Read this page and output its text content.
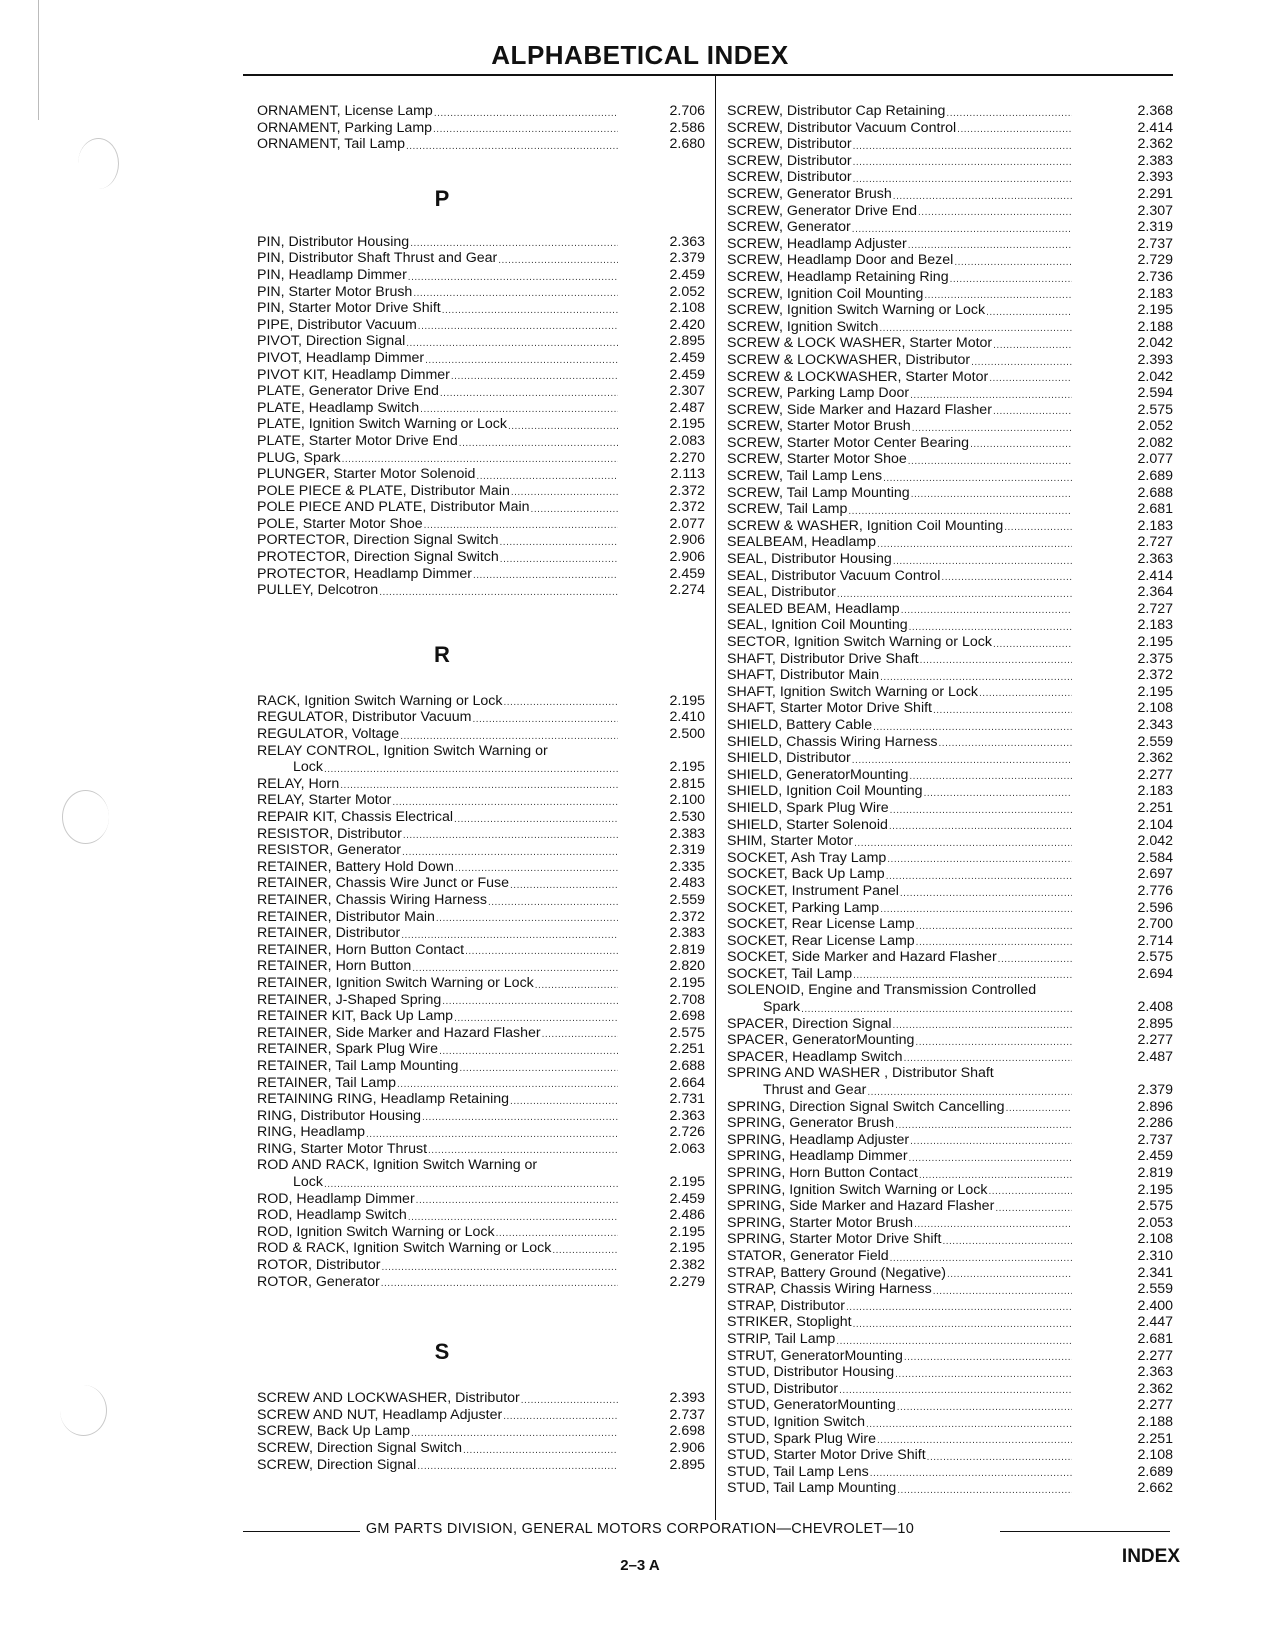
ALPHABETICAL INDEX
ORNAMENT, License Lamp .....	2.706
ORNAMENT, Parking Lamp .....	2.586
ORNAMENT, Tail Lamp .....	2.680
P
PIN, Distributor Housing .....	2.363
PIN, Distributor Shaft Thrust and Gear .....	2.379
PIN, Headlamp Dimmer .....	2.459
PIN, Starter Motor Brush .....	2.052
PIN, Starter Motor Drive Shift .....	2.108
PIPE, Distributor Vacuum .....	2.420
PIVOT, Direction Signal .....	2.895
PIVOT, Headlamp Dimmer .....	2.459
PIVOT KIT, Headlamp Dimmer .....	2.459
PLATE, Generator Drive End .....	2.307
PLATE, Headlamp Switch .....	2.487
PLATE, Ignition Switch Warning or Lock .....	2.195
PLATE, Starter Motor Drive End .....	2.083
PLUG, Spark .....	2.270
PLUNGER, Starter Motor Solenoid .....	2.113
POLE PIECE & PLATE, Distributor Main .....	2.372
POLE PIECE AND PLATE, Distributor Main .....	2.372
POLE, Starter Motor Shoe .....	2.077
PORTECTOR, Direction Signal Switch .....	2.906
PROTECTOR, Direction Signal Switch .....	2.906
PROTECTOR, Headlamp Dimmer .....	2.459
PULLEY, Delcotron .....	2.274
R
RACK, Ignition Switch Warning or Lock .....	2.195
REGULATOR, Distributor Vacuum .....	2.410
REGULATOR, Voltage .....	2.500
RELAY CONTROL, Ignition Switch Warning or
Lock .....	2.195
RELAY, Horn .....	2.815
RELAY, Starter Motor .....	2.100
REPAIR KIT, Chassis Electrical .....	2.530
RESISTOR, Distributor .....	2.383
RESISTOR, Generator .....	2.319
RETAINER, Battery Hold Down .....	2.335
RETAINER, Chassis Wire Junct or Fuse .....	2.483
RETAINER, Chassis Wiring Harness .....	2.559
RETAINER, Distributor Main .....	2.372
RETAINER, Distributor .....	2.383
RETAINER, Horn Button Contact .....	2.819
RETAINER, Horn Button .....	2.820
RETAINER, Ignition Switch Warning or Lock .....	2.195
RETAINER, J-Shaped Spring .....	2.708
RETAINER KIT, Back Up Lamp .....	2.698
RETAINER, Side Marker and Hazard Flasher .....	2.575
RETAINER, Spark Plug Wire .....	2.251
RETAINER, Tail Lamp Mounting .....	2.688
RETAINER, Tail Lamp .....	2.664
RETAINING RING, Headlamp Retaining .....	2.731
RING, Distributor Housing .....	2.363
RING, Headlamp .....	2.726
RING, Starter Motor Thrust .....	2.063
ROD AND RACK, Ignition Switch Warning or
Lock .....	2.195
ROD, Headlamp Dimmer .....	2.459
ROD, Headlamp Switch .....	2.486
ROD, Ignition Switch Warning or Lock .....	2.195
ROD & RACK, Ignition Switch Warning or Lock .....	2.195
ROTOR, Distributor .....	2.382
ROTOR, Generator .....	2.279
S
SCREW AND LOCKWASHER, Distributor .....	2.393
SCREW AND NUT, Headlamp Adjuster .....	2.737
SCREW, Back Up Lamp .....	2.698
SCREW, Direction Signal Switch .....	2.906
SCREW, Direction Signal .....	2.895
SCREW, Distributor Cap Retaining .....	2.368
SCREW, Distributor Vacuum Control .....	2.414
SCREW, Distributor .....	2.362
SCREW, Distributor .....	2.383
SCREW, Distributor .....	2.393
SCREW, Generator Brush .....	2.291
SCREW, Generator Drive End .....	2.307
SCREW, Generator .....	2.319
SCREW, Headlamp Adjuster .....	2.737
SCREW, Headlamp Door and Bezel .....	2.729
SCREW, Headlamp Retaining Ring .....	2.736
SCREW, Ignition Coil Mounting .....	2.183
SCREW, Ignition Switch Warning or Lock .....	2.195
SCREW, Ignition Switch .....	2.188
SCREW & LOCK WASHER, Starter Motor .....	2.042
SCREW & LOCKWASHER, Distributor .....	2.393
SCREW & LOCKWASHER, Starter Motor .....	2.042
SCREW, Parking Lamp Door .....	2.594
SCREW, Side Marker and Hazard Flasher .....	2.575
SCREW, Starter Motor Brush .....	2.052
SCREW, Starter Motor Center Bearing .....	2.082
SCREW, Starter Motor Shoe .....	2.077
SCREW, Tail Lamp Lens .....	2.689
SCREW, Tail Lamp Mounting .....	2.688
SCREW, Tail Lamp .....	2.681
SCREW & WASHER, Ignition Coil Mounting .....	2.183
SEALBEAM, Headlamp .....	2.727
SEAL, Distributor Housing .....	2.363
SEAL, Distributor Vacuum Control .....	2.414
SEAL, Distributor .....	2.364
SEALED BEAM, Headlamp .....	2.727
SEAL, Ignition Coil Mounting .....	2.183
SECTOR, Ignition Switch Warning or Lock .....	2.195
SHAFT, Distributor Drive Shaft .....	2.375
SHAFT, Distributor Main .....	2.372
SHAFT, Ignition Switch Warning or Lock .....	2.195
SHAFT, Starter Motor Drive Shift .....	2.108
SHIELD, Battery Cable .....	2.343
SHIELD, Chassis Wiring Harness .....	2.559
SHIELD, Distributor .....	2.362
SHIELD, GeneratorMounting .....	2.277
SHIELD, Ignition Coil Mounting .....	2.183
SHIELD, Spark Plug Wire .....	2.251
SHIELD, Starter Solenoid .....	2.104
SHIM, Starter Motor .....	2.042
SOCKET, Ash Tray Lamp .....	2.584
SOCKET, Back Up Lamp .....	2.697
SOCKET, Instrument Panel .....	2.776
SOCKET, Parking Lamp .....	2.596
SOCKET, Rear License Lamp .....	2.700
SOCKET, Rear License Lamp .....	2.714
SOCKET, Side Marker and Hazard Flasher .....	2.575
SOCKET, Tail Lamp .....	2.694
SOLENOID, Engine and Transmission Controlled
Spark .....	2.408
SPACER, Direction Signal .....	2.895
SPACER, GeneratorMounting .....	2.277
SPACER, Headlamp Switch .....	2.487
SPRING AND WASHER , Distributor Shaft
Thrust and Gear .....	2.379
SPRING, Direction Signal Switch Cancelling .....	2.896
SPRING, Generator Brush .....	2.286
SPRING, Headlamp Adjuster .....	2.737
SPRING, Headlamp Dimmer .....	2.459
SPRING, Horn Button Contact .....	2.819
SPRING, Ignition Switch Warning or Lock .....	2.195
SPRING, Side Marker and Hazard Flasher .....	2.575
SPRING, Starter Motor Brush .....	2.053
SPRING, Starter Motor Drive Shift .....	2.108
STATOR, Generator Field .....	2.310
STRAP, Battery Ground (Negative) .....	2.341
STRAP, Chassis Wiring Harness .....	2.559
STRAP, Distributor .....	2.400
STRIKER, Stoplight .....	2.447
STRIP, Tail Lamp .....	2.681
STRUT, GeneratorMounting .....	2.277
STUD, Distributor Housing .....	2.363
STUD, Distributor .....	2.362
STUD, GeneratorMounting .....	2.277
STUD, Ignition Switch .....	2.188
STUD, Spark Plug Wire .....	2.251
STUD, Starter Motor Drive Shift .....	2.108
STUD, Tail Lamp Lens .....	2.689
STUD, Tail Lamp Mounting .....	2.662
GM PARTS DIVISION, GENERAL MOTORS CORPORATION—CHEVROLET—10
2–3 A	INDEX
